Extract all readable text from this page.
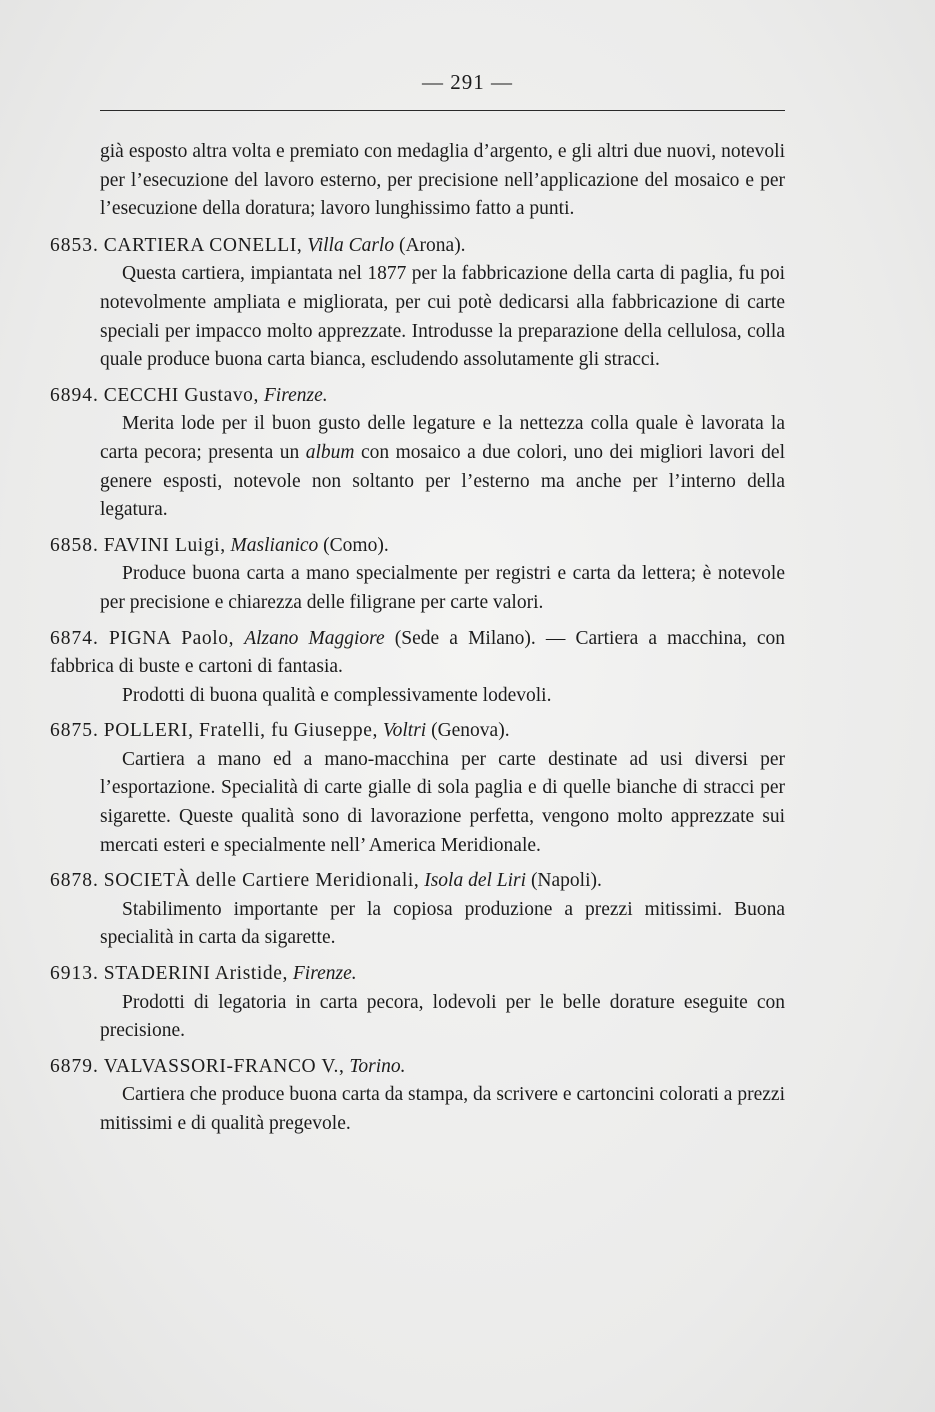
— 291 —

già esposto altra volta e premiato con medaglia d’argento, e gli altri due nuovi, notevoli per l’esecuzione del lavoro esterno, per precisione nell’applicazione del mosaico e per l’esecuzione della doratura; lavoro lunghissimo fatto a punti.

6853. CARTIERA CONELLI, Villa Carlo (Arona).

Questa cartiera, impiantata nel 1877 per la fabbricazione della carta di paglia, fu poi notevolmente ampliata e migliorata, per cui potè dedicarsi alla fabbricazione di carte speciali per impacco molto apprezzate. Introdusse la preparazione della cellulosa, colla quale produce buona carta bianca, escludendo assolutamente gli stracci.

6894. CECCHI Gustavo, Firenze.

Merita lode per il buon gusto delle legature e la nettezza colla quale è lavorata la carta pecora; presenta un album con mosaico a due colori, uno dei migliori lavori del genere esposti, notevole non soltanto per l’esterno ma anche per l’interno della legatura.

6858. FAVINI Luigi, Maslianico (Como).

Produce buona carta a mano specialmente per registri e carta da lettera; è notevole per precisione e chiarezza delle filigrane per carte valori.

6874. PIGNA Paolo, Alzano Maggiore (Sede a Milano). — Cartiera a macchina, con fabbrica di buste e cartoni di fantasia.

Prodotti di buona qualità e complessivamente lodevoli.

6875. POLLERI, Fratelli, fu Giuseppe, Voltri (Genova).

Cartiera a mano ed a mano-macchina per carte destinate ad usi diversi per l’esportazione. Specialità di carte gialle di sola paglia e di quelle bianche di stracci per sigarette. Queste qualità sono di lavorazione perfetta, vengono molto apprezzate sui mercati esteri e specialmente nell’ America Meridionale.

6878. SOCIETÀ delle Cartiere Meridionali, Isola del Liri (Napoli).

Stabilimento importante per la copiosa produzione a prezzi mitissimi. Buona specialità in carta da sigarette.

6913. STADERINI Aristide, Firenze.

Prodotti di legatoria in carta pecora, lodevoli per le belle dorature eseguite con precisione.

6879. VALVASSORI-FRANCO V., Torino.

Cartiera che produce buona carta da stampa, da scrivere e cartoncini colorati a prezzi mitissimi e di qualità pregevole.
